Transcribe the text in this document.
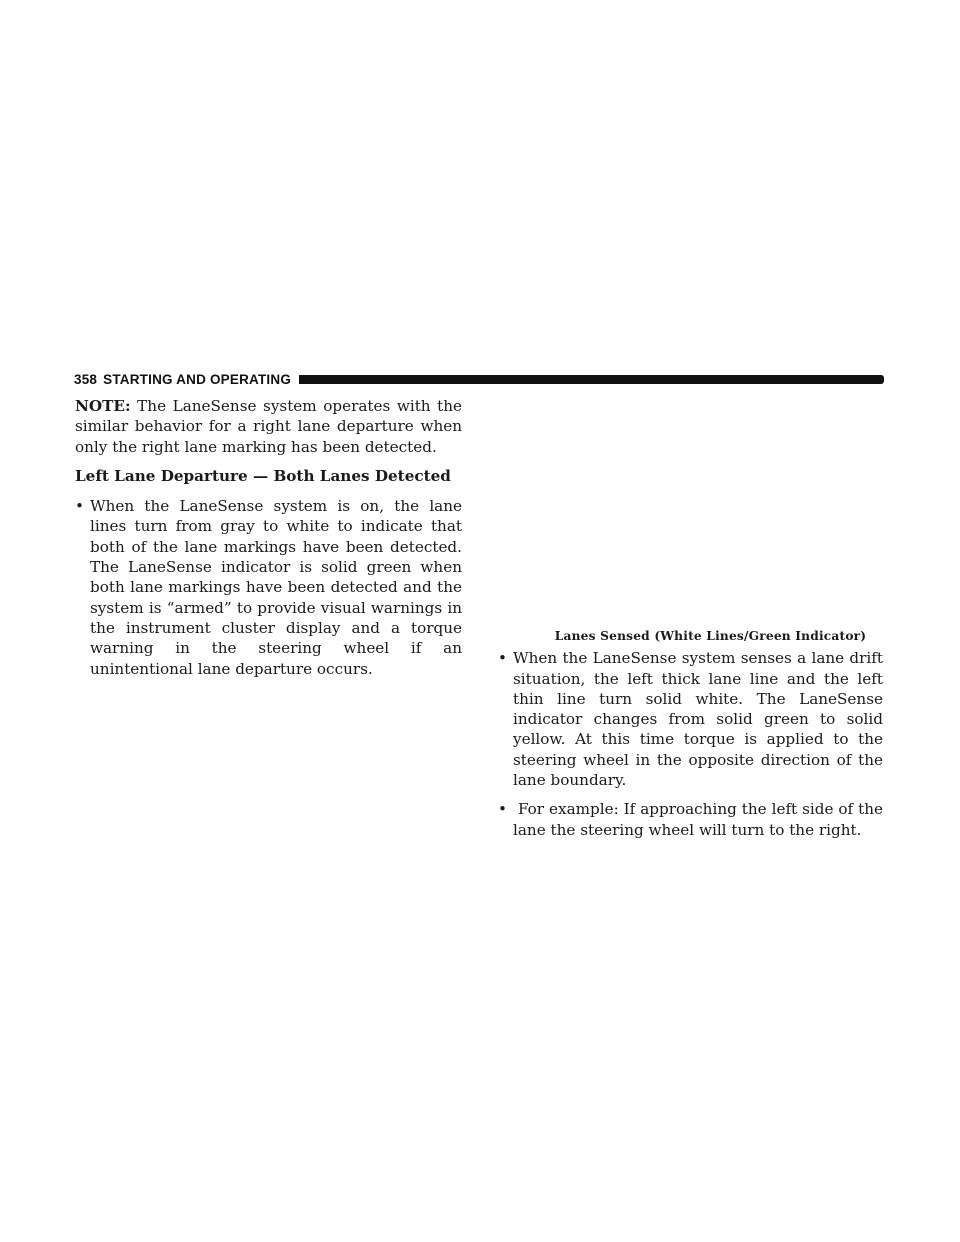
358 STARTING AND OPERATING

NOTE: The LaneSense system operates with the similar behavior for a right lane departure when only the right lane marking has been detected.

Left Lane Departure — Both Lanes Detected

• When the LaneSense system is on, the lane lines turn from gray to white to indicate that both of the lane markings have been detected. The LaneSense indicator is solid green when both lane markings have been detected and the system is “armed” to provide visual warnings in the instrument cluster display and a torque warning in the steering wheel if an unintentional lane departure occurs.
Lanes Sensed (White Lines/Green Indicator)
• When the LaneSense system senses a lane drift situation, the left thick lane line and the left thin line turn solid white. The LaneSense indicator changes from solid green to solid yellow. At this time torque is applied to the steering wheel in the opposite direction of the lane boundary.
• For example: If approaching the left side of the lane the steering wheel will turn to the right.
